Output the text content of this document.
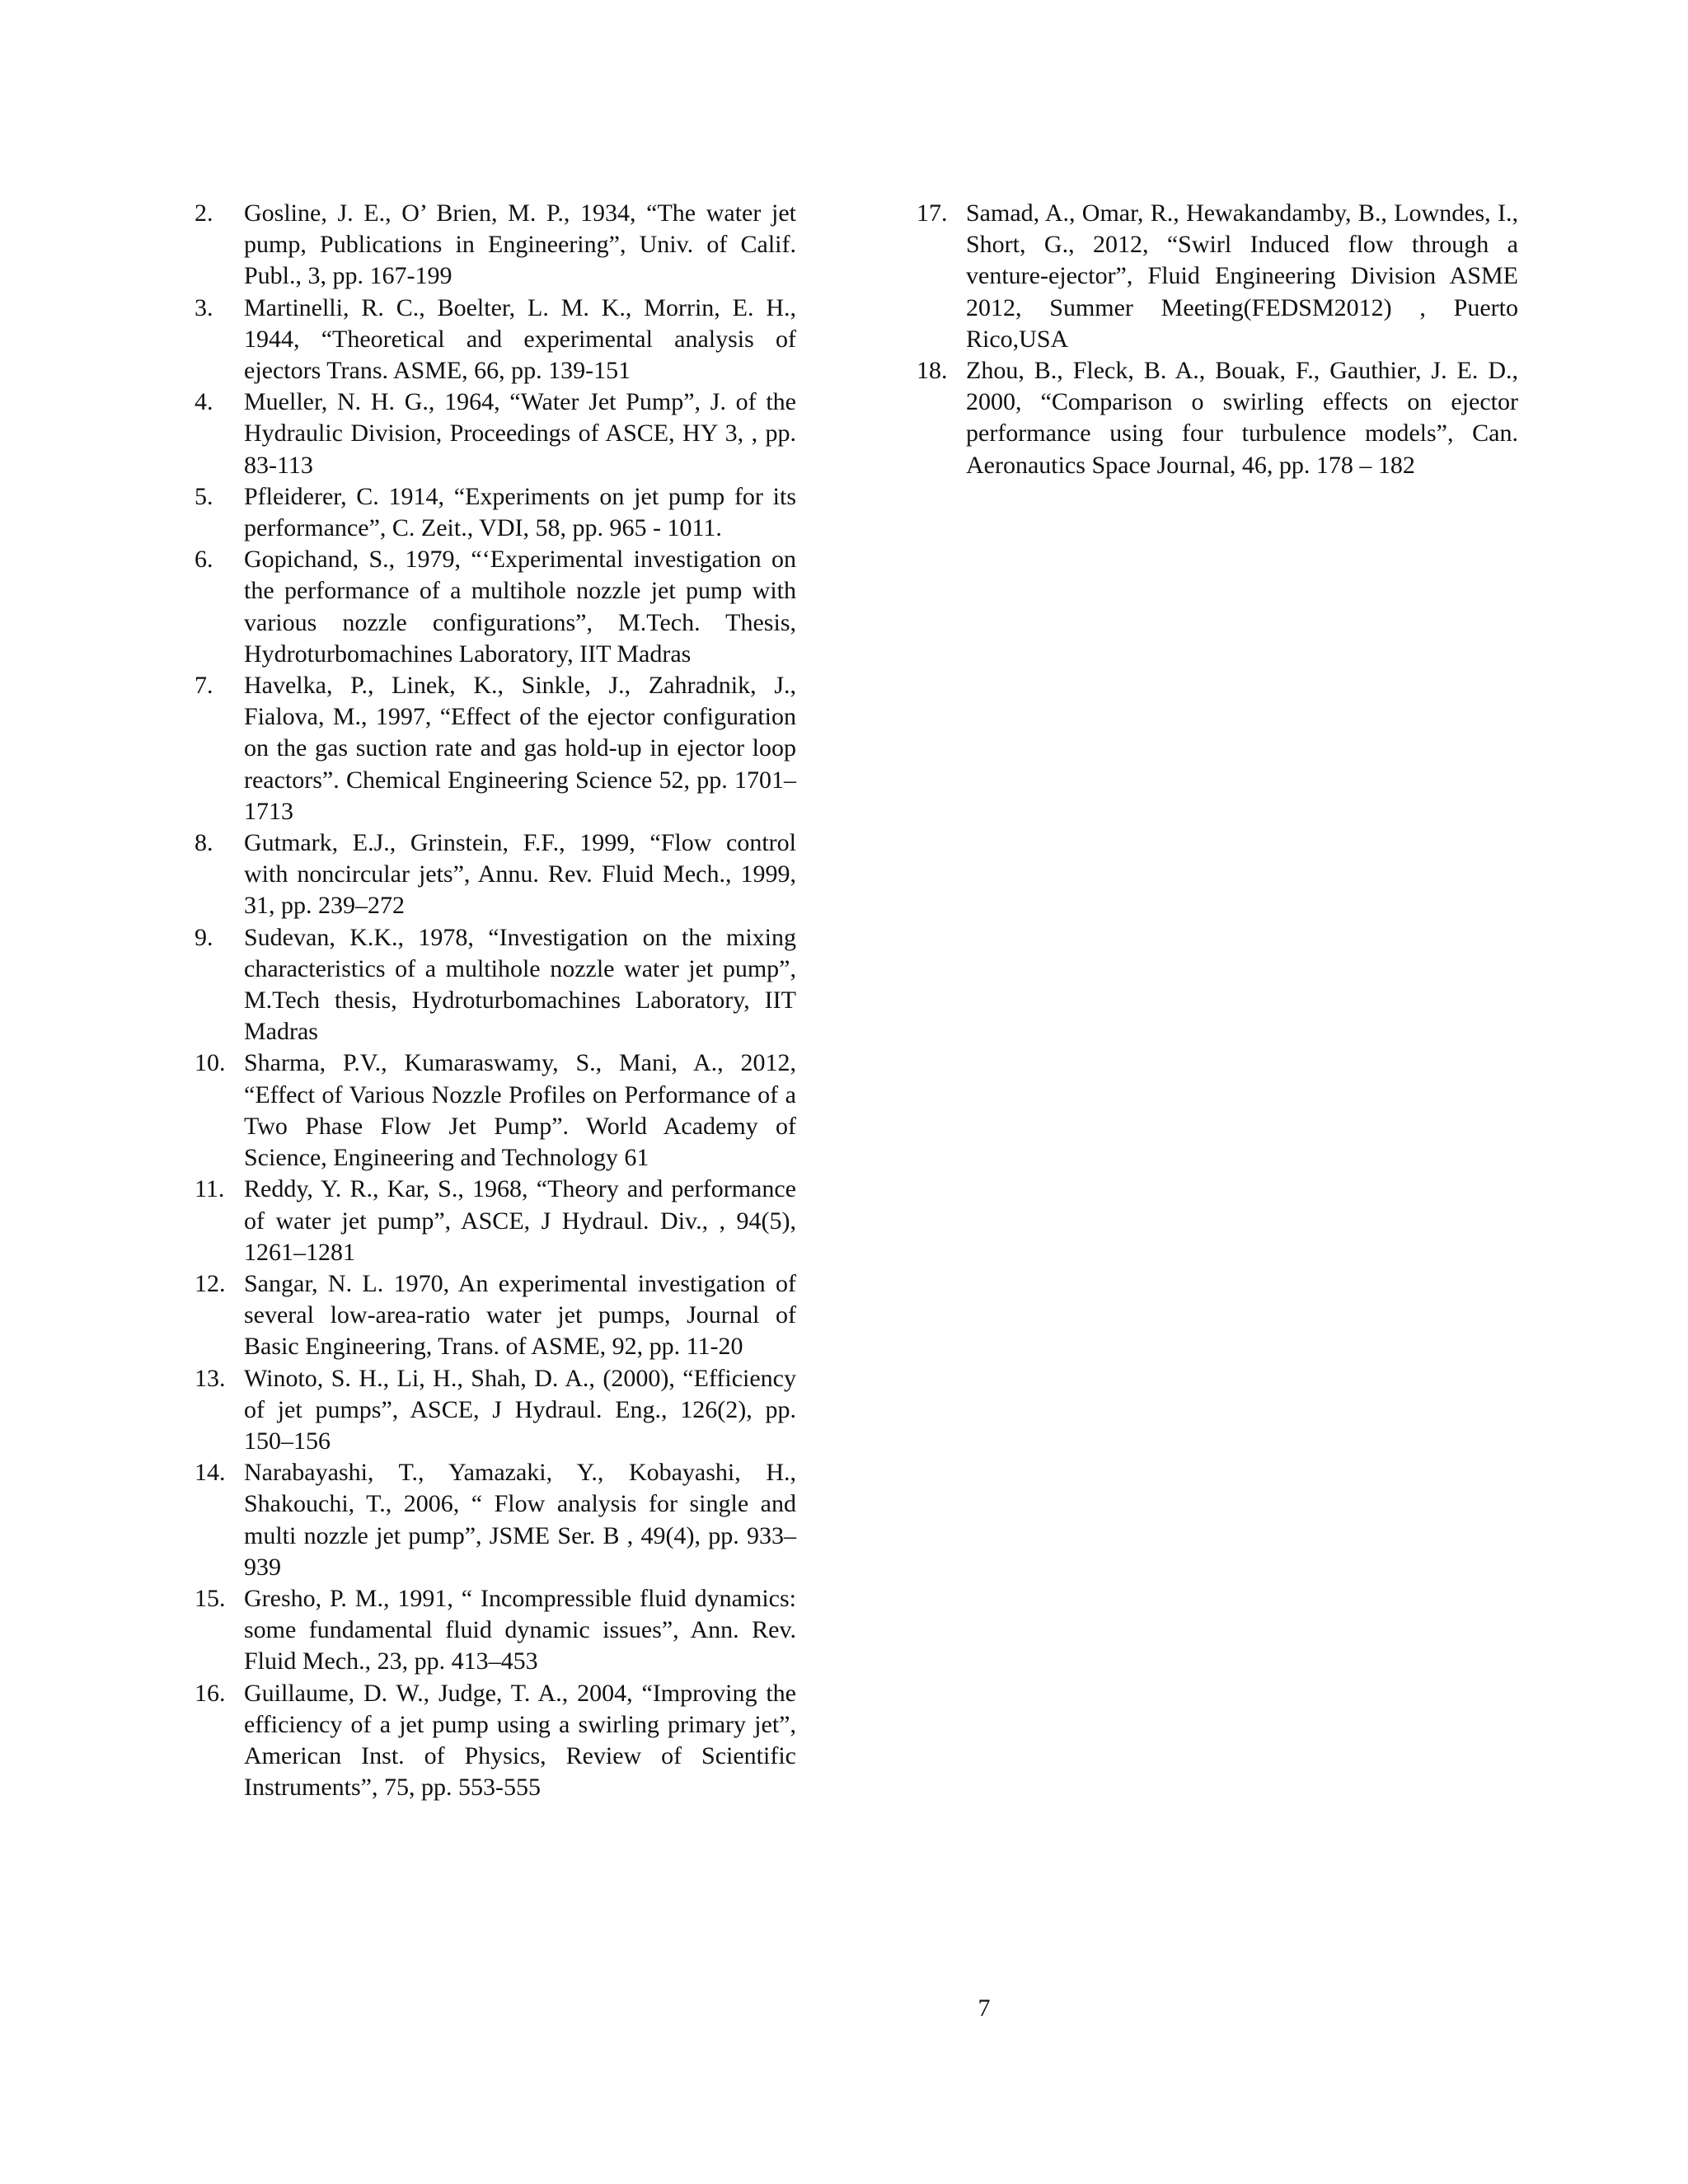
2.	Gosline, J. E., O’ Brien, M. P., 1934, “The water jet pump, Publications in Engineering”, Univ. of Calif. Publ., 3, pp. 167-199
3.	Martinelli, R. C., Boelter, L. M. K., Morrin, E. H., 1944, “Theoretical and experimental analysis of ejectors Trans. ASME, 66, pp. 139-151
4.	Mueller, N. H. G., 1964, “Water Jet Pump”, J. of the Hydraulic Division, Proceedings of ASCE, HY 3, , pp. 83-113
5.	Pfleiderer, C. 1914, “Experiments on jet pump for its performance”, C. Zeit., VDI, 58, pp. 965 - 1011.
6.	Gopichand, S., 1979, “‘Experimental investigation on the performance of a multihole nozzle jet pump with various nozzle configurations”, M.Tech. Thesis, Hydroturbomachines Laboratory, IIT Madras
7.	Havelka, P., Linek, K., Sinkle, J., Zahradnik, J., Fialova, M., 1997, “Effect of the ejector configuration on the gas suction rate and gas hold-up in ejector loop reactors”. Chemical Engineering Science 52, pp. 1701–1713
8.	Gutmark, E.J., Grinstein, F.F., 1999, “Flow control with noncircular jets”, Annu. Rev. Fluid Mech., 1999, 31, pp. 239–272
9.	Sudevan, K.K., 1978, “Investigation on the mixing characteristics of a multihole nozzle water jet pump”, M.Tech thesis, Hydroturbomachines Laboratory, IIT Madras
10. Sharma, P.V., Kumaraswamy, S., Mani, A., 2012, “Effect of Various Nozzle Profiles on Performance of a Two Phase Flow Jet Pump”. World Academy of Science, Engineering and Technology 61
11. Reddy, Y. R., Kar, S., 1968, “Theory and performance of water jet pump”, ASCE, J Hydraul. Div., , 94(5), 1261–1281
12. Sangar, N. L. 1970, An experimental investigation of several low-area-ratio water jet pumps, Journal of Basic Engineering, Trans. of ASME, 92, pp. 11-20
13. Winoto, S. H., Li, H., Shah, D. A., (2000), “Efficiency of jet pumps”, ASCE, J Hydraul. Eng., 126(2), pp. 150–156
14. Narabayashi, T., Yamazaki, Y., Kobayashi, H., Shakouchi, T., 2006, “ Flow analysis for single and multi nozzle jet pump”, JSME Ser. B , 49(4), pp. 933–939
15. Gresho, P. M., 1991, “ Incompressible fluid dynamics: some fundamental fluid dynamic issues”, Ann. Rev. Fluid Mech., 23, pp. 413–453
16. Guillaume, D. W., Judge, T. A., 2004, “Improving the efficiency of a jet pump using a swirling primary jet”, American Inst. of Physics, Review of Scientific Instruments”, 75, pp. 553-555
17. Samad, A., Omar, R., Hewakandamby, B., Lowndes, I., Short, G., 2012, “Swirl Induced flow through a venture-ejector”, Fluid Engineering Division ASME 2012, Summer Meeting(FEDSM2012) , Puerto Rico,USA
18. Zhou, B., Fleck, B. A., Bouak, F., Gauthier, J. E. D., 2000, “Comparison o swirling effects on ejector performance using four turbulence models”, Can. Aeronautics Space Journal, 46, pp. 178 – 182
7
